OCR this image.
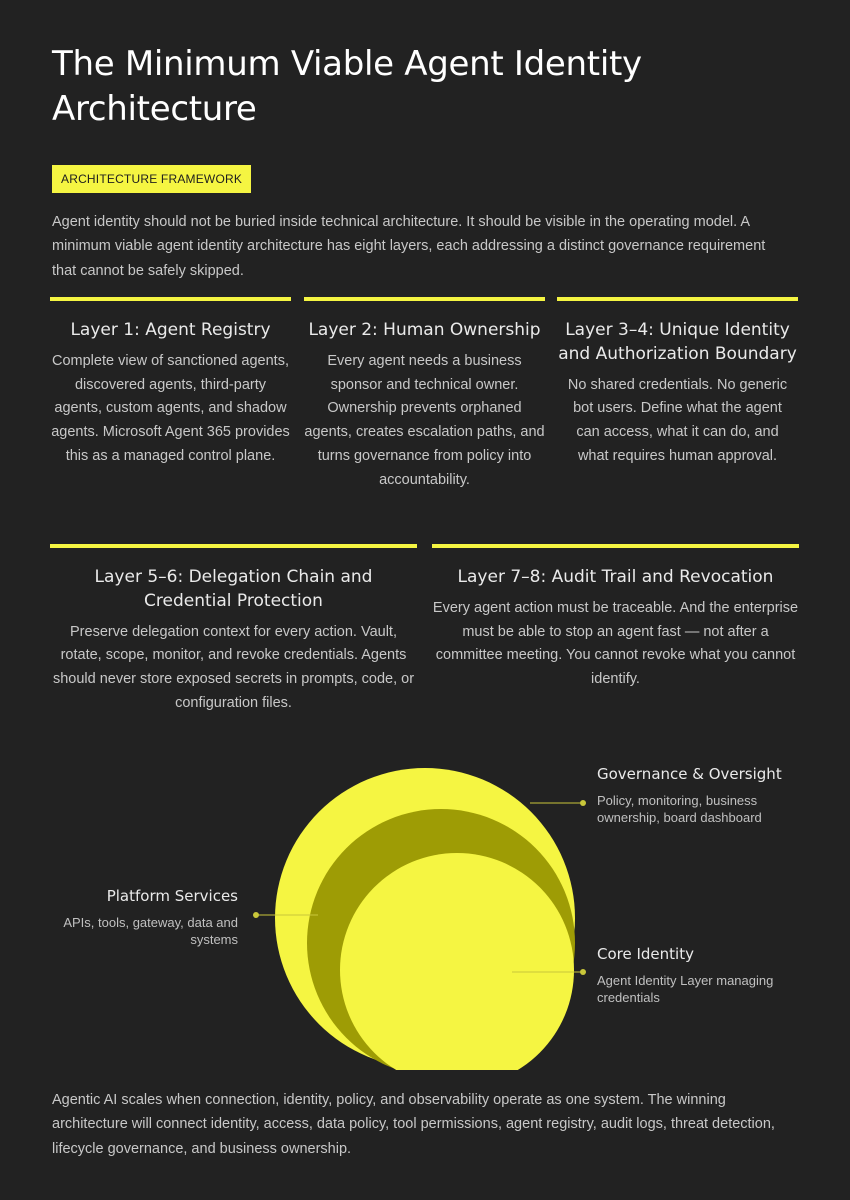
The Minimum Viable Agent Identity Architecture
ARCHITECTURE FRAMEWORK

Agent identity should not be buried inside technical architecture. It should be visible in the operating model. A minimum viable agent identity architecture has eight layers, each addressing a distinct governance requirement that cannot be safely skipped.

Layer 1: Agent Registry

Complete view of sanctioned agents, discovered agents, third-party agents, custom agents, and shadow agents. Microsoft Agent 365 provides this as a managed control plane.

Layer 2: Human Ownership

Every agent needs a business sponsor and technical owner. Ownership prevents orphaned agents, creates escalation paths, and turns governance from policy into accountability.

Layer 3–4: Unique Identity and Authorization Boundary

No shared credentials. No generic bot users. Define what the agent can access, what it can do, and what requires human approval.

Layer 5–6: Delegation Chain and Credential Protection

Preserve delegation context for every action. Vault, rotate, scope, monitor, and revoke credentials. Agents should never store exposed secrets in prompts, code, or configuration files.

Layer 7–8: Audit Trail and Revocation

Every agent action must be traceable. And the enterprise must be able to stop an agent fast — not after a committee meeting. You cannot revoke what you cannot identify.

Governance & Oversight
Policy, monitoring, business ownership, board dashboard
Platform Services
APIs, tools, gateway, data and systems
Core Identity
Agent Identity Layer managing credentials

Agentic AI scales when connection, identity, policy, and observability operate as one system. The winning architecture will connect identity, access, data policy, tool permissions, agent registry, audit logs, threat detection, lifecycle governance, and business ownership.
